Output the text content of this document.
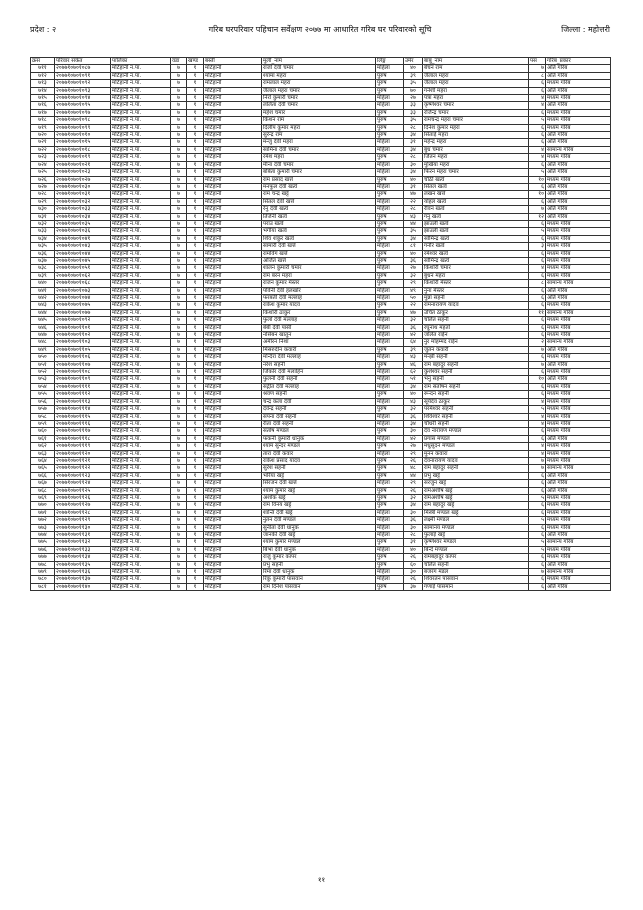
प्रदेश : २	गरिब घरपरिवार पहिचान सर्वेक्षण २०७७ मा आधारित गरिब घर परिवारको सूचि	जिल्ला : महोत्तरी
क्रस	परिवार संकेत	पालिका	वडा	खण्ड	बस्ती	मुली_नाम	लिङ्ग	उमेर	बाबु_नाम	पस	गरिब_प्रकार
७११	२०७७१०७०१०८७	मटिहानी न.पा.	७	१	मटिहानी	राजो देवी चमार	महिला	४०	बेचन राम	७	अति गरिब
७१२	२०७७१०७०१०९१	मटिहानी न.पा.	७	१	मटिहानी	श्यामा महरा	पुरुष	३९	जैलाल महरा	८	अति गरिब
७१३	२०७७१०७०१०९२	मटिहानी न.पा.	७	१	मटिहानी	रामलाल महरा	पुरुष	३५	जैलाल महरा	६	मध्यम गरिब
७१४	२०७७१०७०१०९३	मटिहानी न.पा.	७	१	मटिहानी	जैलाल महरा चमार	पुरुष	७०	गनेशी महरा	६	अति गरिब
७१५	२०७७१०७०१०९४	मटिहानी न.पा.	७	१	मटिहानी	निरो कुमारी चमार	महिला	२७	पत्रा महरा	४	मध्यम गरिब
७१६	२०७७१०७०१०९५	मटिहानी न.पा.	७	१	मटिहानी	ललिता देवी चमार	महिला	३३	कृष्णेश्वर चमार	४	अति गरिब
७१७	२०७७१०७०१०९७	मटिहानी न.पा.	७	१	मटिहानी	महेश चमार	पुरुष	३३	रजिन्द्र चमार	६	मध्यम गरिब
७१८	२०७७१०७०१०९८	मटिहानी न.पा.	७	१	मटिहानी	किशन राम	पुरुष	३५	रामचन्द्र महरा चमार	५	मध्यम गरिब
७१९	२०७७१०७०१०९९	मटिहानी न.पा.	७	१	मटिहानी	दिलीप कुमार महरा	पुरुष	२८	दिनेश कुमार महरा	६	मध्यम गरिब
७२०	२०७७१०७०१०१०	मटिहानी न.पा.	७	१	मटिहानी	सुरेन्द्र राम	पुरुष	३४	सिताई महरा	६	अति गरिब
७२१	२०७७१०७०१०१५	मटिहानी न.पा.	७	१	मटिहानी	मन्जु देवी महरा	महिला	३१	महेन्द्र महरा	६	अति गरिब
७२२	२०७७१०७०१०१८	मटिहानी न.पा.	७	१	मटिहानी	सामिना देवी चमार	महिला	३४	बुध चमार	४	सामान्य गरिब
७२३	२०७७१०७०१०१९	मटिहानी न.पा.	७	१	मटिहानी	रमेश महरा	पुरुष	२८	जितन महरा	४	मध्यम गरिब
७२४	२०७७१०७०१०२१	मटिहानी न.पा.	७	१	मटिहानी	मीना देवी चमार	महिला	३०	मुखिया महरा	६	अति गरिब
७२५	२०७७१०७०१०२३	मटिहानी न.पा.	७	१	मटिहानी	बबिता कुमारी चमार	महिला	३४	फिरन महरा चमार	५	अति गरिब
७२६	२०७७१०७०१०२७	मटिहानी न.पा.	७	१	मटिहानी	राम प्रसाद खत्ते	पुरुष	४०	चौठी खत्वे	१०	मध्यम गरिब
७२७	२०७७१०७०१०३०	मटिहानी न.पा.	७	१	मटिहानी	मनफुल देवी खत्वे	महिला	३१	सितल खत्वे	६	अति गरिब
७२८	२०७७१०७०१०३१	मटिहानी न.पा.	७	१	मटिहानी	राम चन्द्र खट्टे	पुरुष	४७	लखन खत्ते	१०	अति गरिब
७२९	२०७७१०७०१०३२	मटिहानी न.पा.	७	१	मटिहानी	सितल देवी खत्ते	महिला	२२	योहल खत्वे	६	अति गरिब
७३०	२०७७१०७०१०३३	मटिहानी न.पा.	७	१	मटिहानी	रेनु देवी खत्वे	महिला	२८	रीवन खत्वे	७	अति गरिब
७३१	२०७७१०७०१०३४	मटिहानी न.पा.	७	१	मटिहानी	तिजेनी खत्वे	पुरुष	४३	गनु खत्वे	१२	अति गरिब
७३२	२०७७१०७०१०३५	मटिहानी न.पा.	७	१	मटिहानी	पराउ खत्वे	पुरुष	४४	झाउली खत्वे	६	मध्यम गरिब
७३३	२०७७१०७०१०३६	मटिहानी न.पा.	७	१	मटिहानी	भगीया खत्वे	पुरुष	३५	झाउली खत्वे	५	मध्यम गरिब
७३४	२०७७१०७०१०४१	मटिहानी न.पा.	७	१	मटिहानी	शिव शंकुर खत्वे	पुरुष	३४	सोमिन्द्र खत्वे	६	मध्यम गरिब
७३५	२०७७१०७०१०४३	मटिहानी न.पा.	७	१	मटिहानी	सामारी देवी खत्ते	महिला	८१	गनौर खत्वे	३	मध्यम गरिब
७३६	२०७७१०७०१०४४	मटिहानी न.पा.	७	१	मटिहानी	रामविंग खत्ते	पुरुष	४०	रमेश्वर खत्वे	६	मध्यम गरिब
७३७	२०७७१०७०१०४५	मटिहानी न.पा.	७	१	मटिहानी	अंजित खत्ते	पुरुष	३६	सोमिन्द्र खत्वे	६	मध्यम गरिब
७३८	२०७७१०७०१०५१	मटिहानी न.पा.	७	१	मटिहानी	शालन कुमारी चमार	महिला	२७	किशोरी चमार	४	मध्यम गरिब
७३९	२०७७१०७०१०६२	मटिहानी न.पा.	७	१	मटिहानी	राम बरन महरा	पुरुष	३२	बुधन महरा	६	मध्यम गरिब
७४०	२०७७१०७०१०६८	मटिहानी न.पा.	७	१	मटिहानी	राजन कुमार मेस्तर	पुरुष	२९	किशोरी मेस्तर	८	सामान्य गरिब
७४१	२०७७१०७०१०७३	मटिहानी न.पा.	७	१	मटिहानी	पविनी देवी हलखोर	महिला	४९	नुना मेस्तर	६	अति गरिब
७४२	२०७७१०७०१०७४	मटिहानी न.पा.	७	१	मटिहानी	फरबती देवी मल्लाह	महिला	५०	मुन्ना सहनी	६	अति गरिब
७४३	२०७७१०७०१०७५	मटिहानी न.पा.	७	१	मटिहानी	राकेश कुमार यादव	पुरुष	२२	रामनारायण यादव	६	मध्यम गरिब
७४४	२०७७१०७०१०७७	मटिहानी न.पा.	७	१	मटिहानी	किशोरी ठाकुर	पुरुष	४७	उचित ठाकुर	११	सामान्य गरिब
७४५	२०७७१०७०१०९२	मटिहानी न.पा.	७	१	मटिहानी	फुलो देवी मल्लाह	महिला	३२	चलित सहनी	६	मध्यम गरिब
७४६	२०७७१०७०११०१	मटिहानी न.पा.	७	१	मटिहानी	बेबी देवी पासी	महिला	३६	रघुनाथ महतो	६	मध्यम गरिब
७४७	२०७७१०७०११०२	मटिहानी न.पा.	७	१	मटिहानी	नसिबन खातुन	महिला	४२	जलित राईन	६	मध्यम गरिब
७४८	२०७७१०७०११०३	मटिहानी न.पा.	७	१	मटिहानी	अमीरन निशा	महिला	६४	नुर मोहम्मद राईन	२	सामान्य गरिब
७४९	२०७७१०७०११०५	मटिहानी न.पा.	७	१	मटिहानी	मिसरुदीन कवारी	पुरुष	३९	जुतन कवारी	७	अति गरिब
७५०	२०७७१०७०११०६	मटिहानी न.पा.	७	१	मटिहानी	मन्दिरा देवी मल्लाह	महिला	४३	मन्झी सहनी	६	मध्यम गरिब
७५१	२०७७१०७०११०७	मटिहानी न.पा.	७	१	मटिहानी	नरेश सहनी	पुरुष	४६	राम बहादुर सहनी	७	अति गरिब
७५२	२०७७१०७०११०८	मटिहानी न.पा.	७	१	मटिहानी	जिकोर देवी मलाहिन	महिला	६२	कुशेश्वर सहनी	६	मध्यम गरिब
७५३	२०७७१०७०११०९	मटिहानी न.पा.	७	१	मटिहानी	फुलनी देवी सहनी	महिला	५१	भनु सहनी	१०	अति गरिब
७५४	२०७७१०७०११११	मटिहानी न.पा.	७	१	मटिहानी	सद्गीत देवी मल्लाह	महिला	३४	राम संतोषन सहनी	६	मध्यम गरिब
७५५	२०७७१०७०१११२	मटिहानी न.पा.	७	१	मटिहानी	श्रवण सहनी	पुरुष	४०	रून्दन सहनी	६	मध्यम गरिब
७५६	२०७७१०७०१११३	मटिहानी न.पा.	७	१	मटिहानी	चन्द्र कला देवी	महिला	४३	सूर्यदेव ठाकुर	४	मध्यम गरिब
७५७	२०७७१०७०१११४	मटिहानी न.पा.	७	१	मटिहानी	देवेन्द्र सहनी	पुरुष	३२	परमेश्वर सहनी	५	मध्यम गरिब
७५८	२०७७१०७०१११५	मटिहानी न.पा.	७	१	मटिहानी	सपना देवी सहनी	महिला	३६	शिवेश्वर सहनी	४	मध्यम गरिब
७५९	२०७७१०७०१११६	मटिहानी न.पा.	७	१	मटिहानी	रीता देवी सहनी	महिला	३४	चौधरी सहनी	४	मध्यम गरिब
७६०	२०७७१०७०१११७	मटिहानी न.पा.	७	१	मटिहानी	संतोष मण्डल	पुरुष	३०	देव नारायण मण्डल	६	मध्यम गरिब
७६१	२०७७१०७०१११८	मटिहानी न.पा.	७	१	मटिहानी	फकनी कुमारी धानुक	महिला	४२	प्रगास मण्डल	६	अति गरिब
७६२	२०७७१०७०१११९	मटिहानी न.पा.	७	१	मटिहानी	श्याम सुन्दर मण्डल	पुरुष	२७	मधुसूदन मण्डल	४	मध्यम गरिब
७६३	२०७७१०७०११२०	मटिहानी न.पा.	७	१	मटिहानी	तारा देवी कवार	महिला	२९	मुनन कवारा	४	मध्यम गरिब
७६४	२०७७१०७०११२१	मटिहानी न.पा.	७	१	मटिहानी	राकेश प्रसाद यादव	पुरुष	२६	देवनारायण यादव	७	मध्यम गरिब
७६५	२०७७१०७०११२२	मटिहानी न.पा.	७	१	मटिहानी	सुरेश सहनी	पुरुष	४८	राम बहादुर सहनी	७	सामान्य गरिब
७६६	२०७७१०७०११२३	मटिहानी न.पा.	७	१	मटिहानी	भरिया खट्टे	पुरुष	४४	प्रभु खट्टे	६	अति गरिब
७६७	२०७७१०७०११२४	मटिहानी न.पा.	७	१	मटिहानी	सिरजन देवी खत्ते	महिला	२९	सरजुन खट्टे	६	अति गरिब
७६८	२०७७१०७०११२५	मटिहानी न.पा.	७	१	मटिहानी	श्याम कुमार खट्टे	पुरुष	२६	रामअशीष खट्टे	६	अति गरिब
७६९	२०७७१०७०११२६	मटिहानी न.पा.	७	१	मटिहानी	अशोक खट्टे	पुरुष	३२	रामअशीष खट्टे	५	मध्यम गरिब
७७०	२०७७१०७०११२७	मटिहानी न.पा.	७	१	मटिहानी	राम विनय खट्टे	पुरुष	३४	राम बहादुर खट्टे	६	मध्यम गरिब
७७१	२०७७१०७०११२८	मटिहानी न.पा.	७	१	मटिहानी	शान्ति देवी खट्टे	महिला	३०	मिस्त्री मण्डल खट्टे	६	मध्यम गरिब
७७२	२०७७१०७०११२९	मटिहानी न.पा.	७	१	मटिहानी	नुतन देवी मण्डल	महिला	३६	लक्ष्मी मण्डल	५	मध्यम गरिब
७७३	२०७७१०७०११३०	मटिहानी न.पा.	७	१	मटिहानी	सुनीता देवी धानुक	महिला	३०	सामानय मण्डल	६	मध्यम गरिब
७७४	२०७७१०७०११३१	मटिहानी न.पा.	७	१	मटिहानी	जानकी देवी खट्टे	महिला	२८	फुलाई खट्टे	६	अति गरिब
७७५	२०७७१०७०११३२	मटिहानी न.पा.	७	१	मटिहानी	श्याम कुमार मण्डल	पुरुष	३१	कृष्णेश्वर मण्डल	५	सामान्य गरिब
७७६	२०७७१०७०११३३	मटिहानी न.पा.	७	१	मटिहानी	बिभा देवी धानुक	महिला	४०	बिन्दे मण्डल	५	मध्यम गरिब
७७७	२०७७१०७०११३४	मटिहानी न.पा.	७	१	मटिहानी	राजु कुमार कापर	पुरुष	२६	रामबहादुर कापर	६	मध्यम गरिब
७७८	२०७७१०७०११३५	मटिहानी न.पा.	७	१	मटिहानी	प्रभु सहनी	पुरुष	६०	चलित सहनी	६	अति गरिब
७७९	२०७७१०७०११३६	मटिहानी न.पा.	७	१	मटिहानी	रिमा देवी धानुक	महिला	३०	बजरंग मंडल	७	सामान्य गरिब
७८०	२०७७१०७०११३७	मटिहानी न.पा.	७	१	मटिहानी	रिंकु कुमारी पासवान	महिला	२६	शिवरतन पासवान	६	मध्यम गरिब
७८१	२०७७१०७०११४०	मटिहानी न.पा.	७	१	मटिहानी	राम दिनेश पासवान	पुरुष	३७	गणाई पासमान	६	अति गरिब
११
